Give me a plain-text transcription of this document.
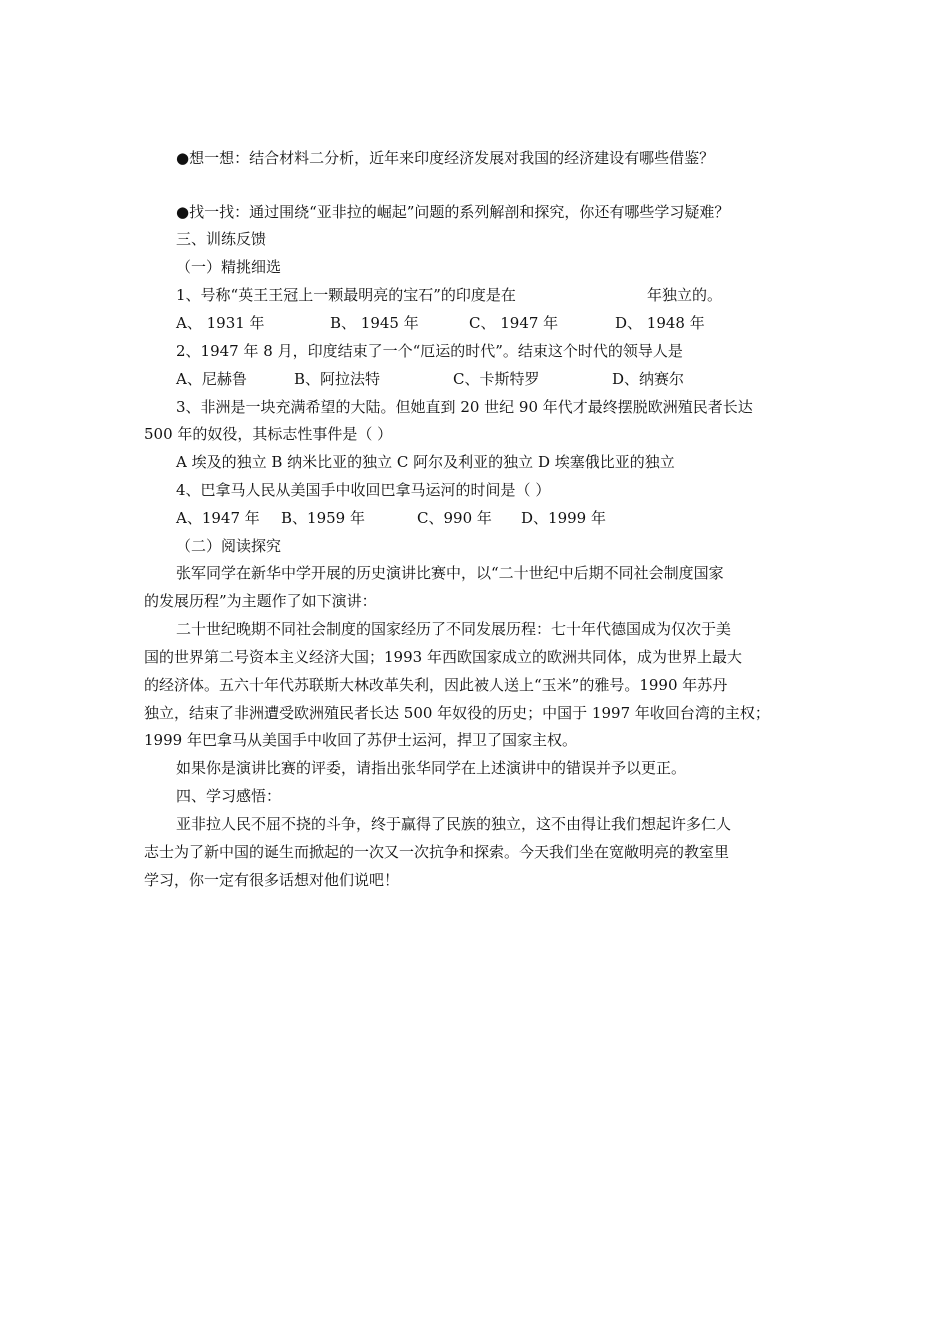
●想一想：结合材料二分析，近年来印度经济发展对我国的经济建设有哪些借鉴？
●找一找：通过围绕“亚非拉的崛起”问题的系列解剖和探究，你还有哪些学习疑难？
三、训练反馈
（一）精挑细选
1、号称“英王王冠上一颗最明亮的宝石”的印度是在	年独立的。
A、 1931 年	B、 1945 年	C、 1947 年	D、 1948 年
2、1947 年 8 月，印度结束了一个“厄运的时代”。结束这个时代的领导人是
A、尼赫鲁	B、阿拉法特	C、卡斯特罗	D、纳赛尔
3、非洲是一块充满希望的大陆。但她直到 20 世纪 90 年代才最终摆脱欧洲殖民者长达
500 年的奴役，其标志性事件是（ ）
A 埃及的独立 B 纳米比亚的独立 C 阿尔及利亚的独立 D 埃塞俄比亚的独立
4、巴拿马人民从美国手中收回巴拿马运河的时间是（ ）
A、1947 年 B、1959 年	C、990 年 D、1999 年
（二）阅读探究
张军同学在新华中学开展的历史演讲比赛中，以“二十世纪中后期不同社会制度国家
的发展历程”为主题作了如下演讲：
二十世纪晚期不同社会制度的国家经历了不同发展历程：七十年代德国成为仅次于美
国的世界第二号资本主义经济大国；1993 年西欧国家成立的欧洲共同体，成为世界上最大
的经济体。五六十年代苏联斯大林改革失利，因此被人送上“玉米”的雅号。1990 年苏丹
独立，结束了非洲遭受欧洲殖民者长达 500 年奴役的历史；中国于 1997 年收回台湾的主权；
1999 年巴拿马从美国手中收回了苏伊士运河，捍卫了国家主权。
如果你是演讲比赛的评委，请指出张华同学在上述演讲中的错误并予以更正。
四、学习感悟：
亚非拉人民不屈不挠的斗争，终于赢得了民族的独立，这不由得让我们想起许多仁人
志士为了新中国的诞生而掀起的一次又一次抗争和探索。今天我们坐在宽敞明亮的教室里
学习，你一定有很多话想对他们说吧！
